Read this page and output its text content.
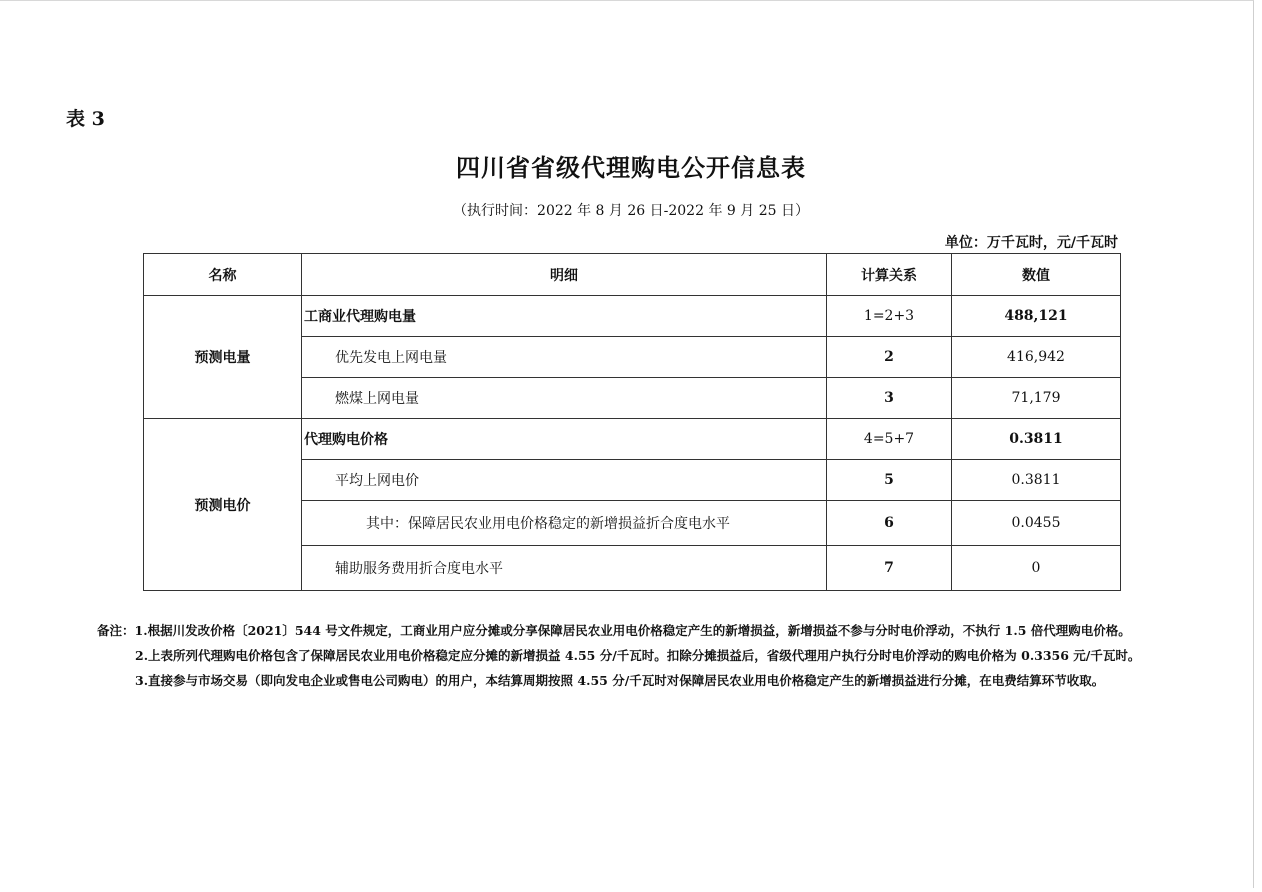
表 3
四川省省级代理购电公开信息表
（执行时间：2022 年 8 月 26 日-2022 年 9 月 25 日）
单位：万千瓦时，元/千瓦时
名称	明细	计算关系	数值
预测电量	工商业代理购电量	1=2+3	488,121
	优先发电上网电量	2	416,942
	燃煤上网电量	3	71,179
预测电价	代理购电价格	4=5+7	0.3811
	平均上网电价	5	0.3811
	其中：保障居民农业用电价格稳定的新增损益折合度电水平	6	0.0455
	辅助服务费用折合度电水平	7	0
备注：1.根据川发改价格〔2021〕544 号文件规定，工商业用户应分摊或分享保障居民农业用电价格稳定产生的新增损益，新增损益不参与分时电价浮动，不执行 1.5 倍代理购电价格。
2.上表所列代理购电价格包含了保障居民农业用电价格稳定应分摊的新增损益 4.55 分/千瓦时。扣除分摊损益后，省级代理用户执行分时电价浮动的购电价格为 0.3356 元/千瓦时。
3.直接参与市场交易（即向发电企业或售电公司购电）的用户，本结算周期按照 4.55 分/千瓦时对保障居民农业用电价格稳定产生的新增损益进行分摊，在电费结算环节收取。
